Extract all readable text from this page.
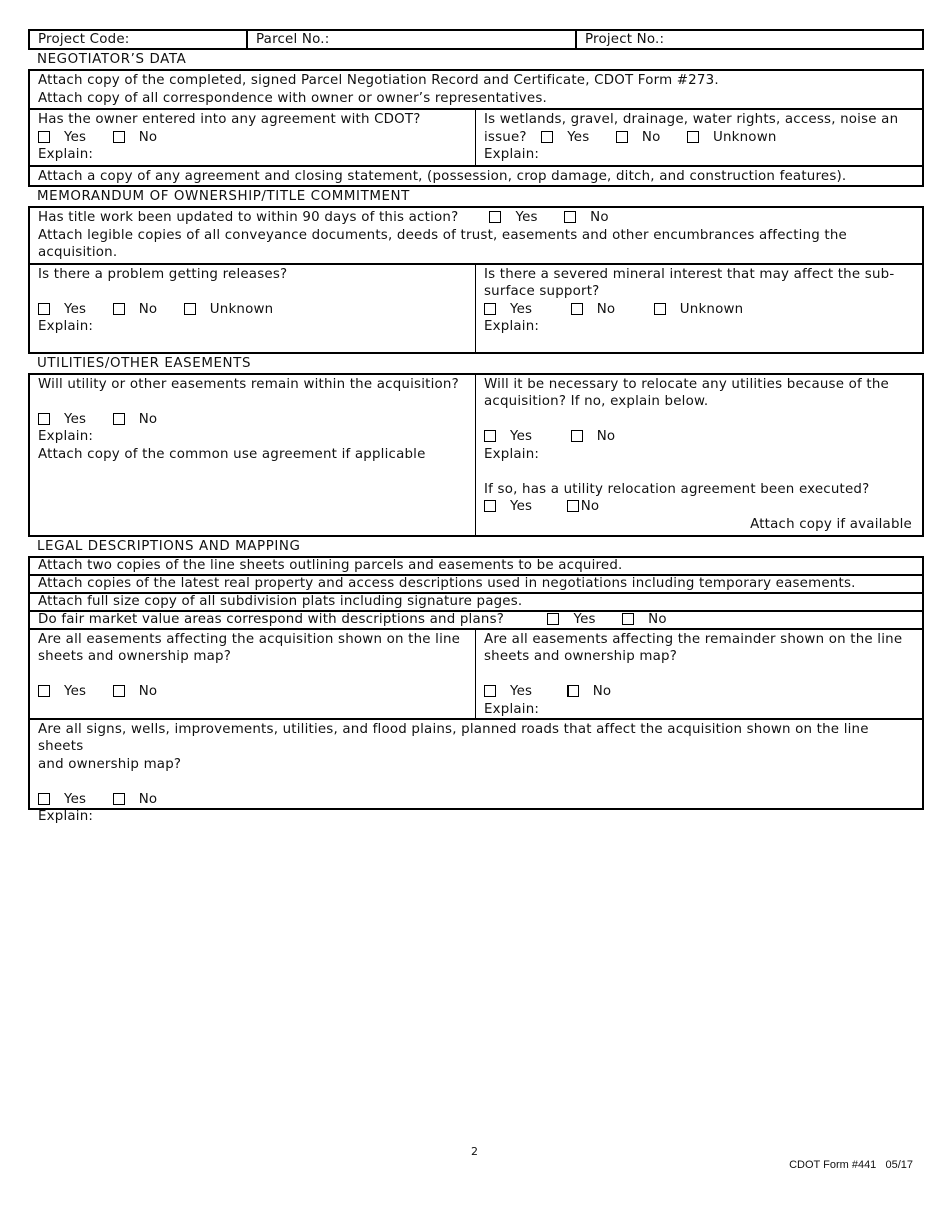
Project Code:	Parcel No.:	Project No.:
NEGOTIATOR’S DATA
Attach copy of the completed, signed Parcel Negotiation Record and Certificate, CDOT Form #273.
Attach copy of all correspondence with owner or owner’s representatives.
Has the owner entered into any agreement with CDOT?
Yes	No
Explain:
Is wetlands, gravel, drainage, water rights, access, noise an
issue?	Yes	No	Unknown
Explain:
Attach a copy of any agreement and closing statement, (possession, crop damage, ditch, and construction features).
MEMORANDUM OF OWNERSHIP/TITLE COMMITMENT
Has title work been updated to within 90 days of this action?	Yes	No
Attach legible copies of all conveyance documents, deeds of trust, easements and other encumbrances affecting the
acquisition.
Is there a problem getting releases?
Yes	No	Unknown
Explain:
Is there a severed mineral interest that may affect the sub-
surface support?
Yes	No	Unknown
Explain:
UTILITIES/OTHER EASEMENTS
Will utility or other easements remain within the acquisition?
Yes	No
Explain:
Attach copy of the common use agreement if applicable
Will it be necessary to relocate any utilities because of the
acquisition? If no, explain below.
Yes	No
Explain:
If so, has a utility relocation agreement been executed?
Yes	No
Attach copy if available
LEGAL DESCRIPTIONS AND MAPPING
Attach two copies of the line sheets outlining parcels and easements to be acquired.
Attach copies of the latest real property and access descriptions used in negotiations including temporary easements.
Attach full size copy of all subdivision plats including signature pages.
Do fair market value areas correspond with descriptions and plans?	Yes	No
Are all easements affecting the acquisition shown on the line
sheets and ownership map?
Yes	No
Are all easements affecting the remainder shown on the line
sheets and ownership map?
Yes	No
Explain:
Are all signs, wells, improvements, utilities, and flood plains, planned roads that affect the acquisition shown on the line sheets
and ownership map?
Yes	No
Explain:
2
CDOT Form #441   05/17
